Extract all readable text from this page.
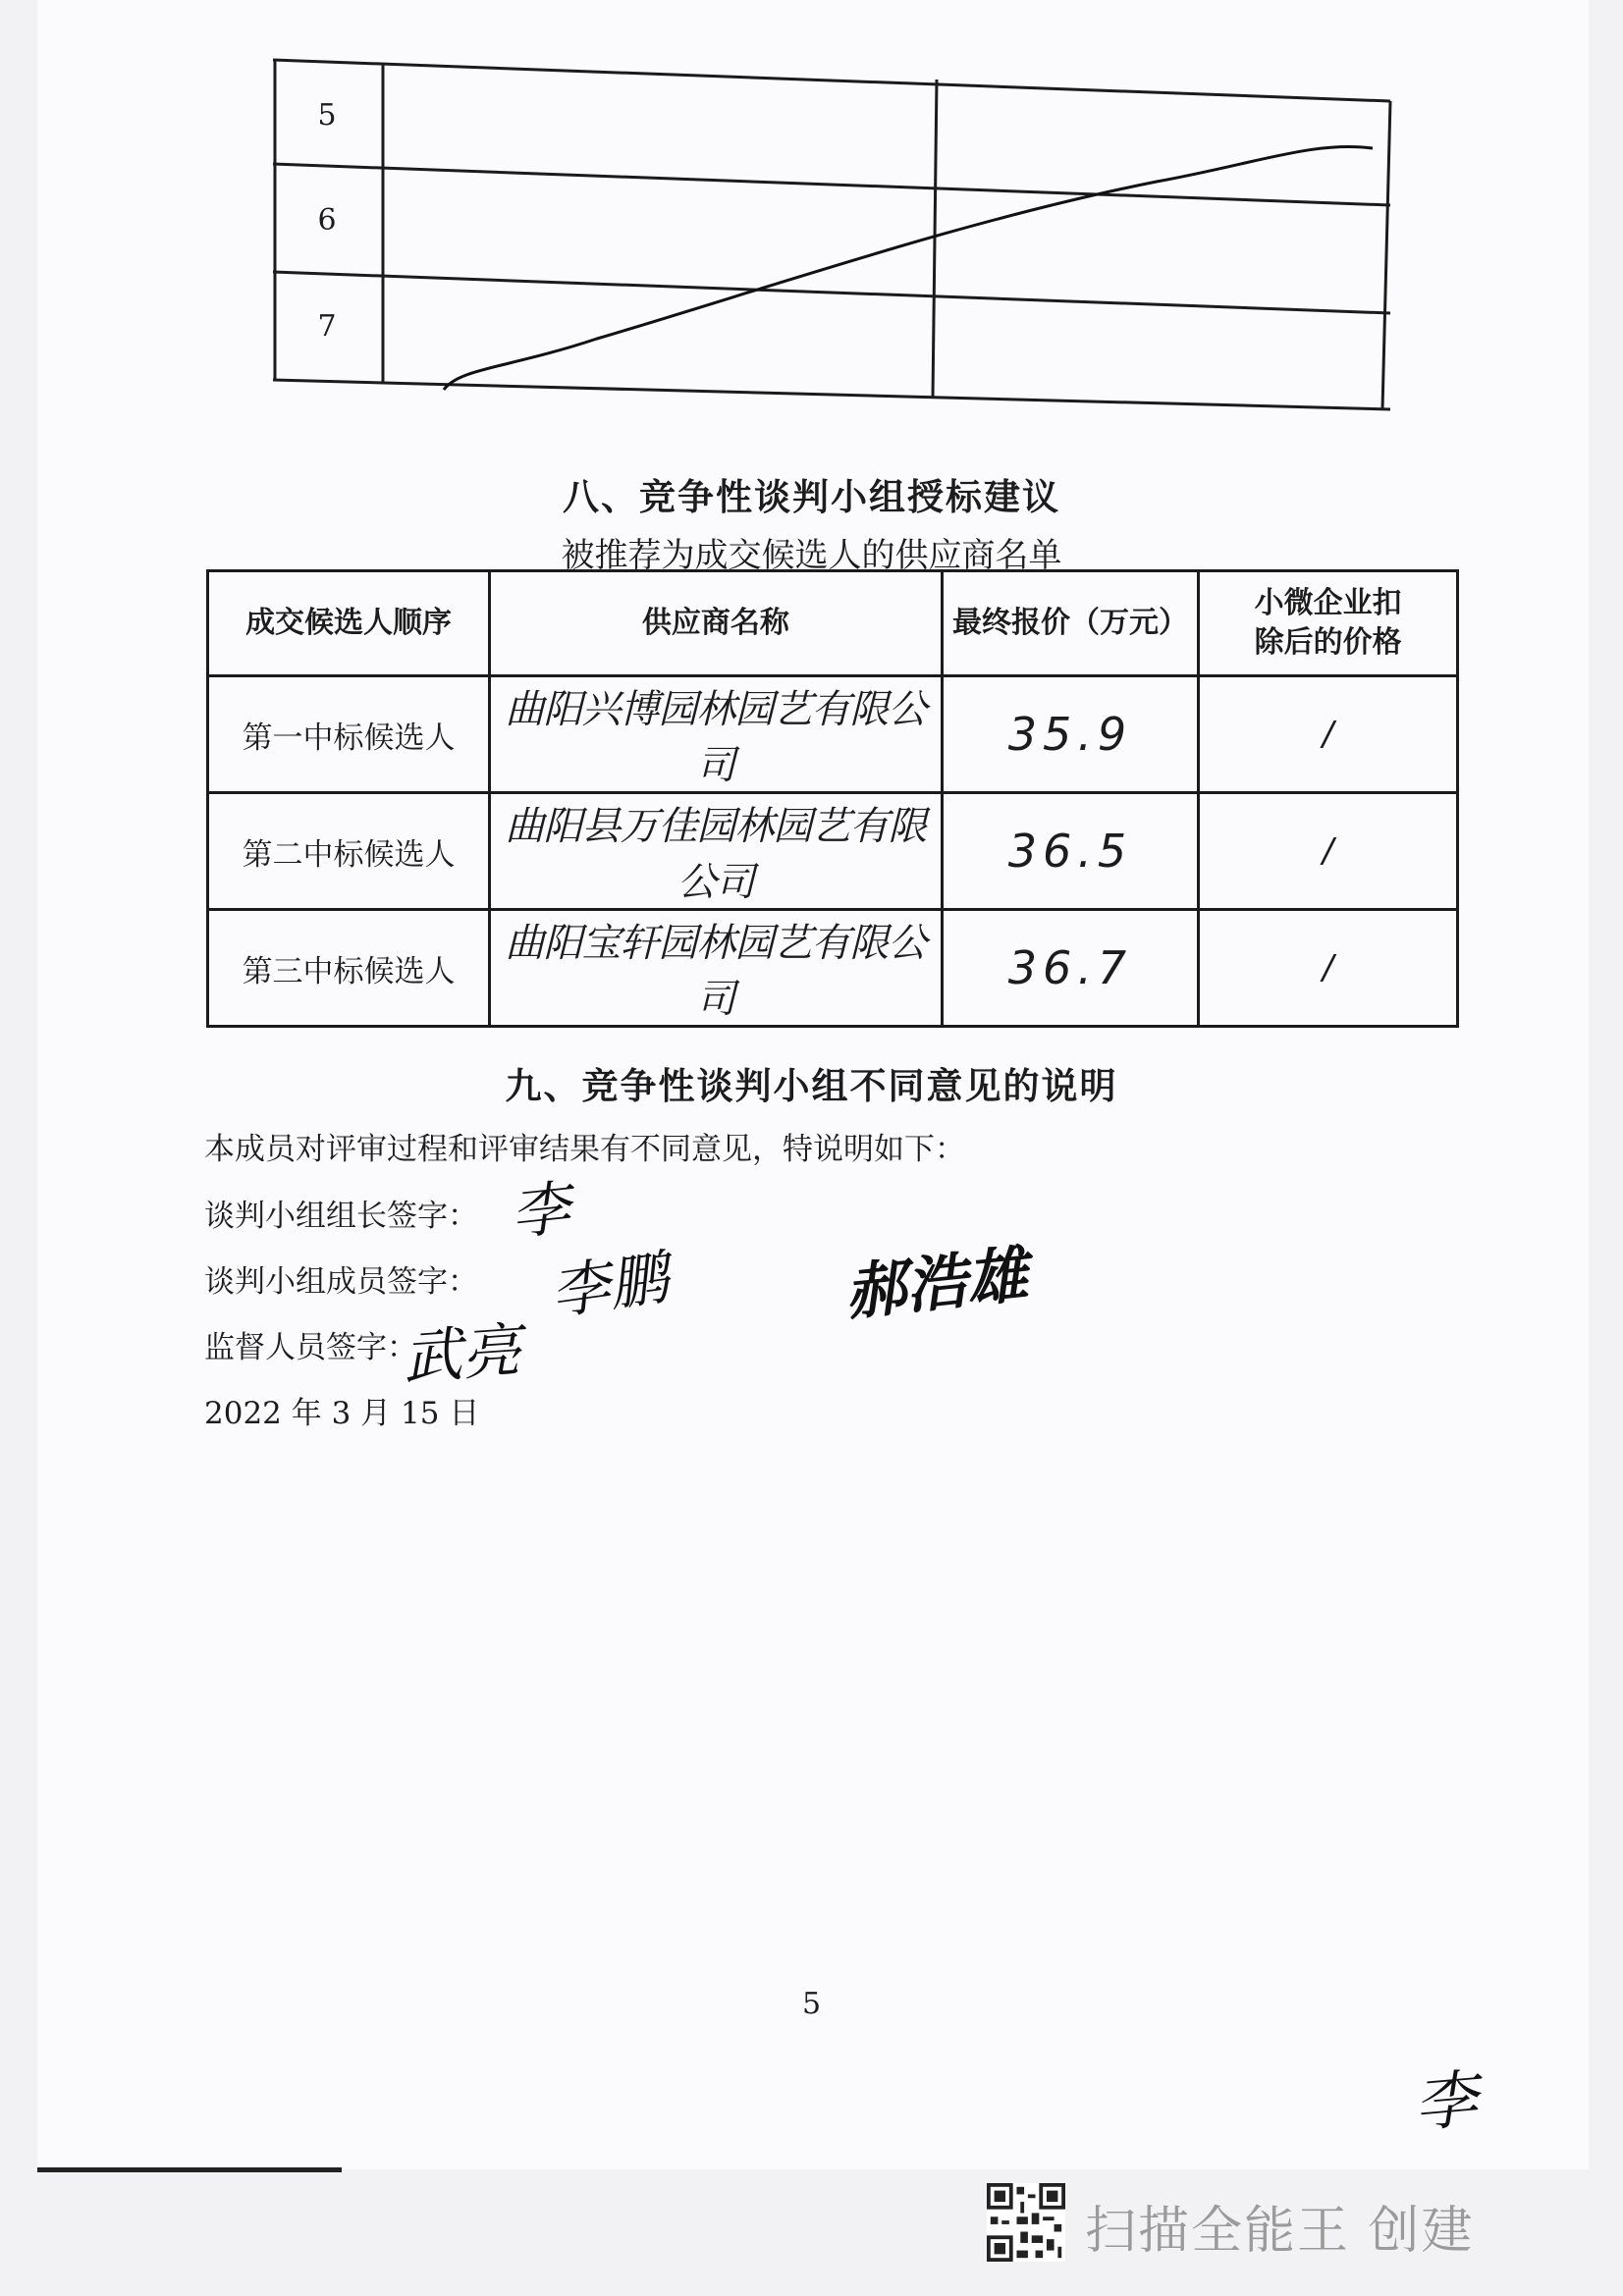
5
6
7
八、竞争性谈判小组授标建议
被推荐为成交候选人的供应商名单
成交候选人顺序	供应商名称	最终报价（万元）	小微企业扣除后的价格

第一中标候选人	曲阳兴博园林园艺有限公司	35.9	/
第二中标候选人	曲阳县万佳园林园艺有限公司	36.5	/
第三中标候选人	曲阳宝轩园林园艺有限公司	36.7	/
九、竞争性谈判小组不同意见的说明
本成员对评审过程和评审结果有不同意见，特说明如下：
谈判小组组长签字： 李
谈判小组成员签字： 李鹏	郝浩雄
监督人员签字：
武亮
2022 年 3 月 15 日
5
李
扫描全能王 创建
